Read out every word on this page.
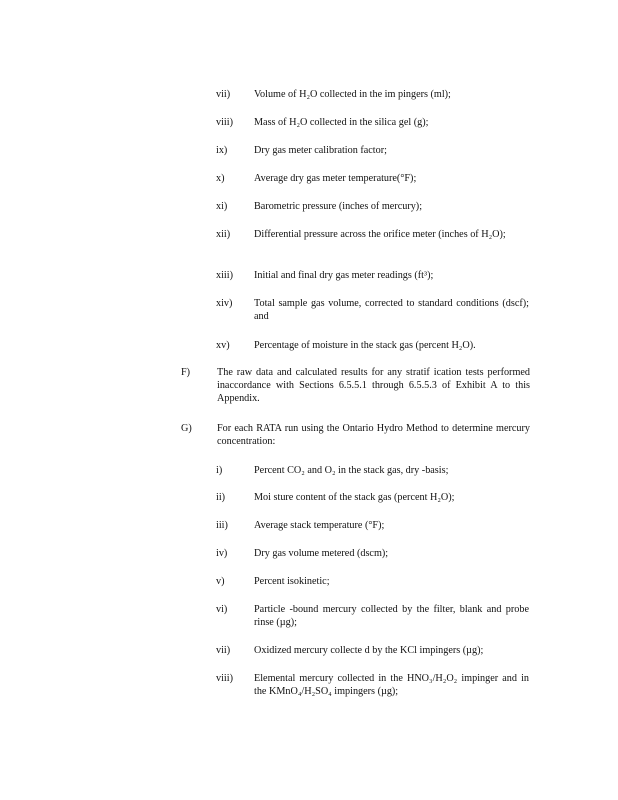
vii) Volume of H₂O collected in the im pingers (ml);
viii) Mass of H₂O collected in the silica gel (g);
ix)	Dry gas meter calibration factor;
x)	Average dry gas meter temperature(°F);
xi)	Barometric pressure (inches of mercury);
xii) Differential pressure across the orifice meter (inches of H₂O);
xiii) Initial and final dry gas meter readings (ft³);
xiv) Total sample gas volume, corrected to standard conditions (dscf); and
xv) Percentage of moisture in the stack gas (percent H₂O).
F)	The raw data and calculated results for any stratif ication tests performed inaccordance with Sections 6.5.5.1 through 6.5.5.3 of Exhibit A to this Appendix.
G) For each RATA run using the Ontario Hydro Method to determine mercury concentration:
i)	Percent CO₂ and O₂ in the stack gas, dry -basis;
ii)	Moi sture content of the stack gas (percent H₂O);
iii)	Average stack temperature (°F);
iv)	Dry gas volume metered (dscm);
v)	Percent isokinetic;
vi)	Particle -bound mercury collected by the filter, blank and probe rinse (µg);
vii) Oxidized mercury collecte d by the KCl impingers (µg);
viii) Elemental mercury collected in the HNO₃/H₂O₂ impinger and in the KMnO₄/H₂SO₄ impingers (µg);
